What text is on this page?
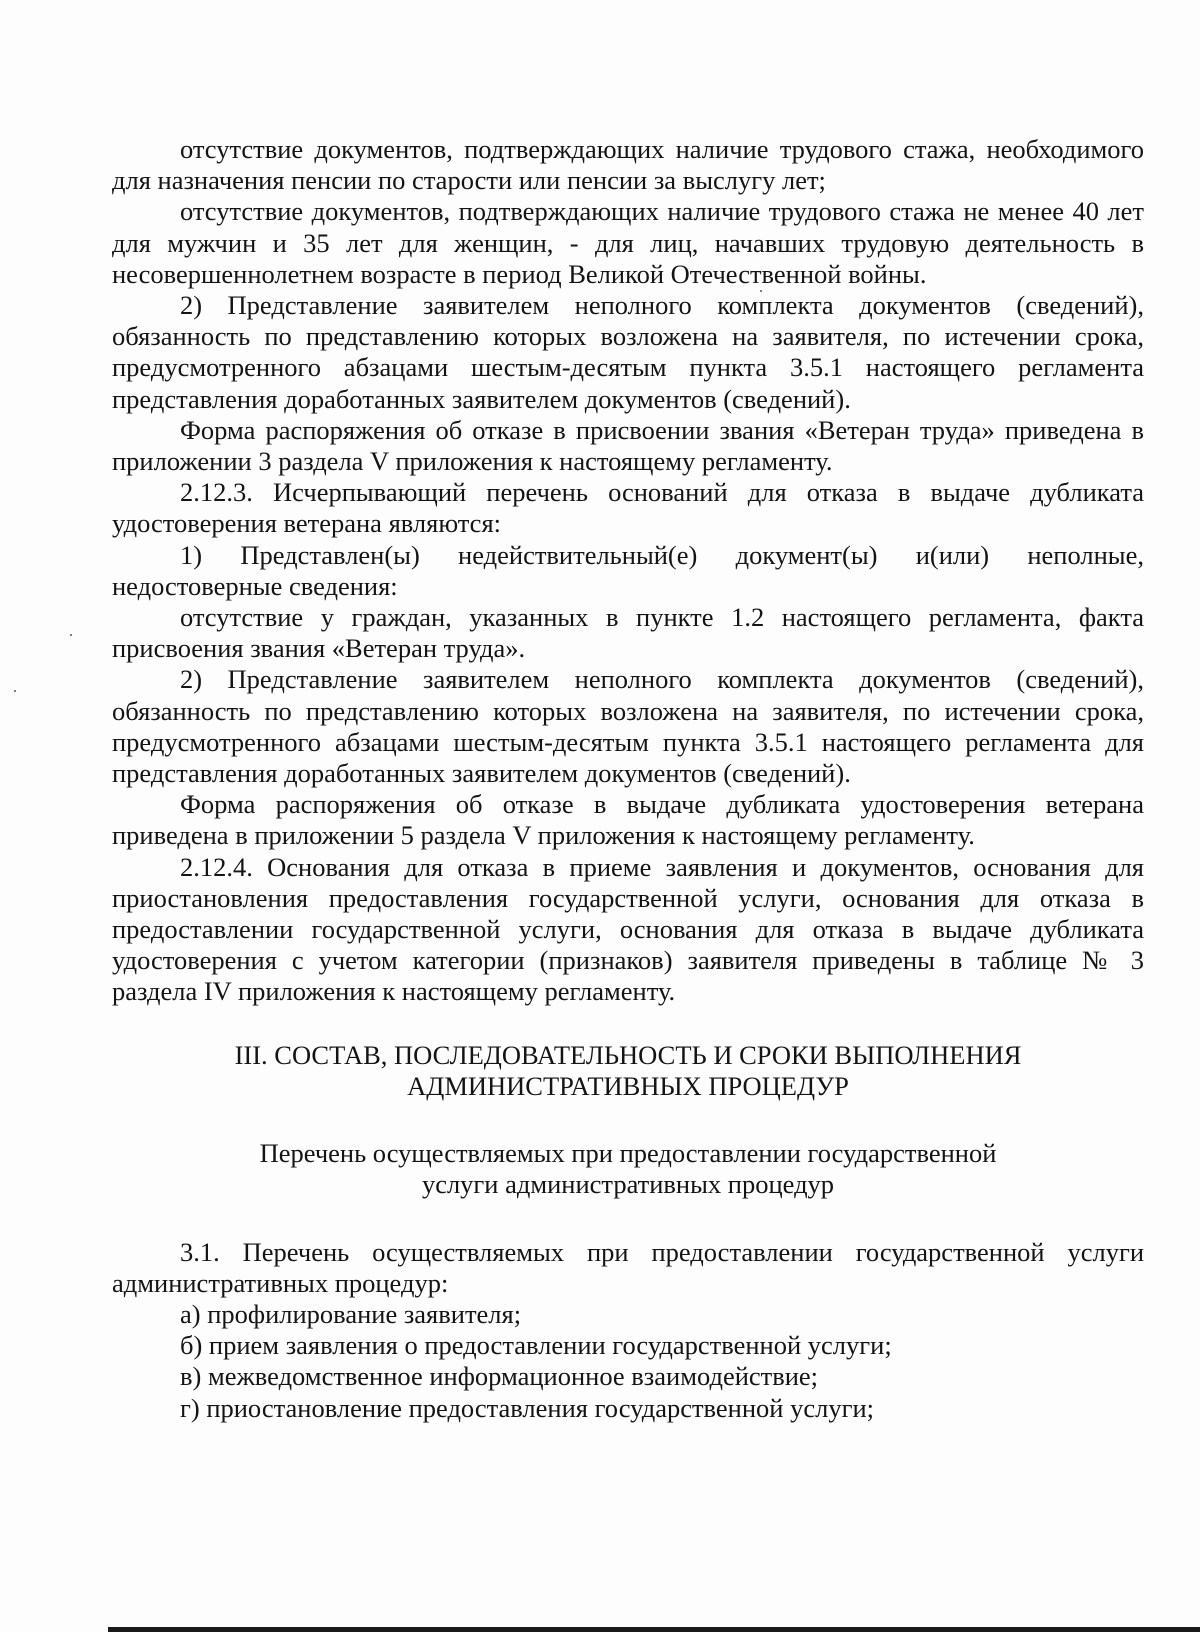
отсутствие документов, подтверждающих наличие трудового стажа, необходимого для назначения пенсии по старости или пенсии за выслугу лет;

отсутствие документов, подтверждающих наличие трудового стажа не менее 40 лет для мужчин и 35 лет для женщин, - для лиц, начавших трудовую деятельность в несовершеннолетнем возрасте в период Великой Отечественной войны.

2) Представление заявителем неполного комплекта документов (сведений), обязанность по представлению которых возложена на заявителя, по истечении срока, предусмотренного абзацами шестым-десятым пункта 3.5.1 настоящего регламента представления доработанных заявителем документов (сведений).

Форма распоряжения об отказе в присвоении звания «Ветеран труда» приведена в приложении 3 раздела V приложения к настоящему регламенту.

2.12.3. Исчерпывающий перечень оснований для отказа в выдаче дубликата удостоверения ветерана являются:

1) Представлен(ы) недействительный(е) документ(ы) и(или) неполные, недостоверные сведения:

отсутствие у граждан, указанных в пункте 1.2 настоящего регламента, факта присвоения звания «Ветеран труда».

2) Представление заявителем неполного комплекта документов (сведений), обязанность по представлению которых возложена на заявителя, по истечении срока, предусмотренного абзацами шестым-десятым пункта 3.5.1 настоящего регламента для представления доработанных заявителем документов (сведений).

Форма распоряжения об отказе в выдаче дубликата удостоверения ветерана приведена в приложении 5 раздела V приложения к настоящему регламенту.

2.12.4. Основания для отказа в приеме заявления и документов, основания для приостановления предоставления государственной услуги, основания для отказа в предоставлении государственной услуги, основания для отказа в выдаче дубликата удостоверения с учетом категории (признаков) заявителя приведены в таблице № 3 раздела IV приложения к настоящему регламенту.

III. СОСТАВ, ПОСЛЕДОВАТЕЛЬНОСТЬ И СРОКИ ВЫПОЛНЕНИЯ
АДМИНИСТРАТИВНЫХ ПРОЦЕДУР
Перечень осуществляемых при предоставлении государственной
услуги административных процедур

3.1. Перечень осуществляемых при предоставлении государственной услуги административных процедур:

а) профилирование заявителя;

б) прием заявления о предоставлении государственной услуги;

в) межведомственное информационное взаимодействие;

г) приостановление предоставления государственной услуги;
